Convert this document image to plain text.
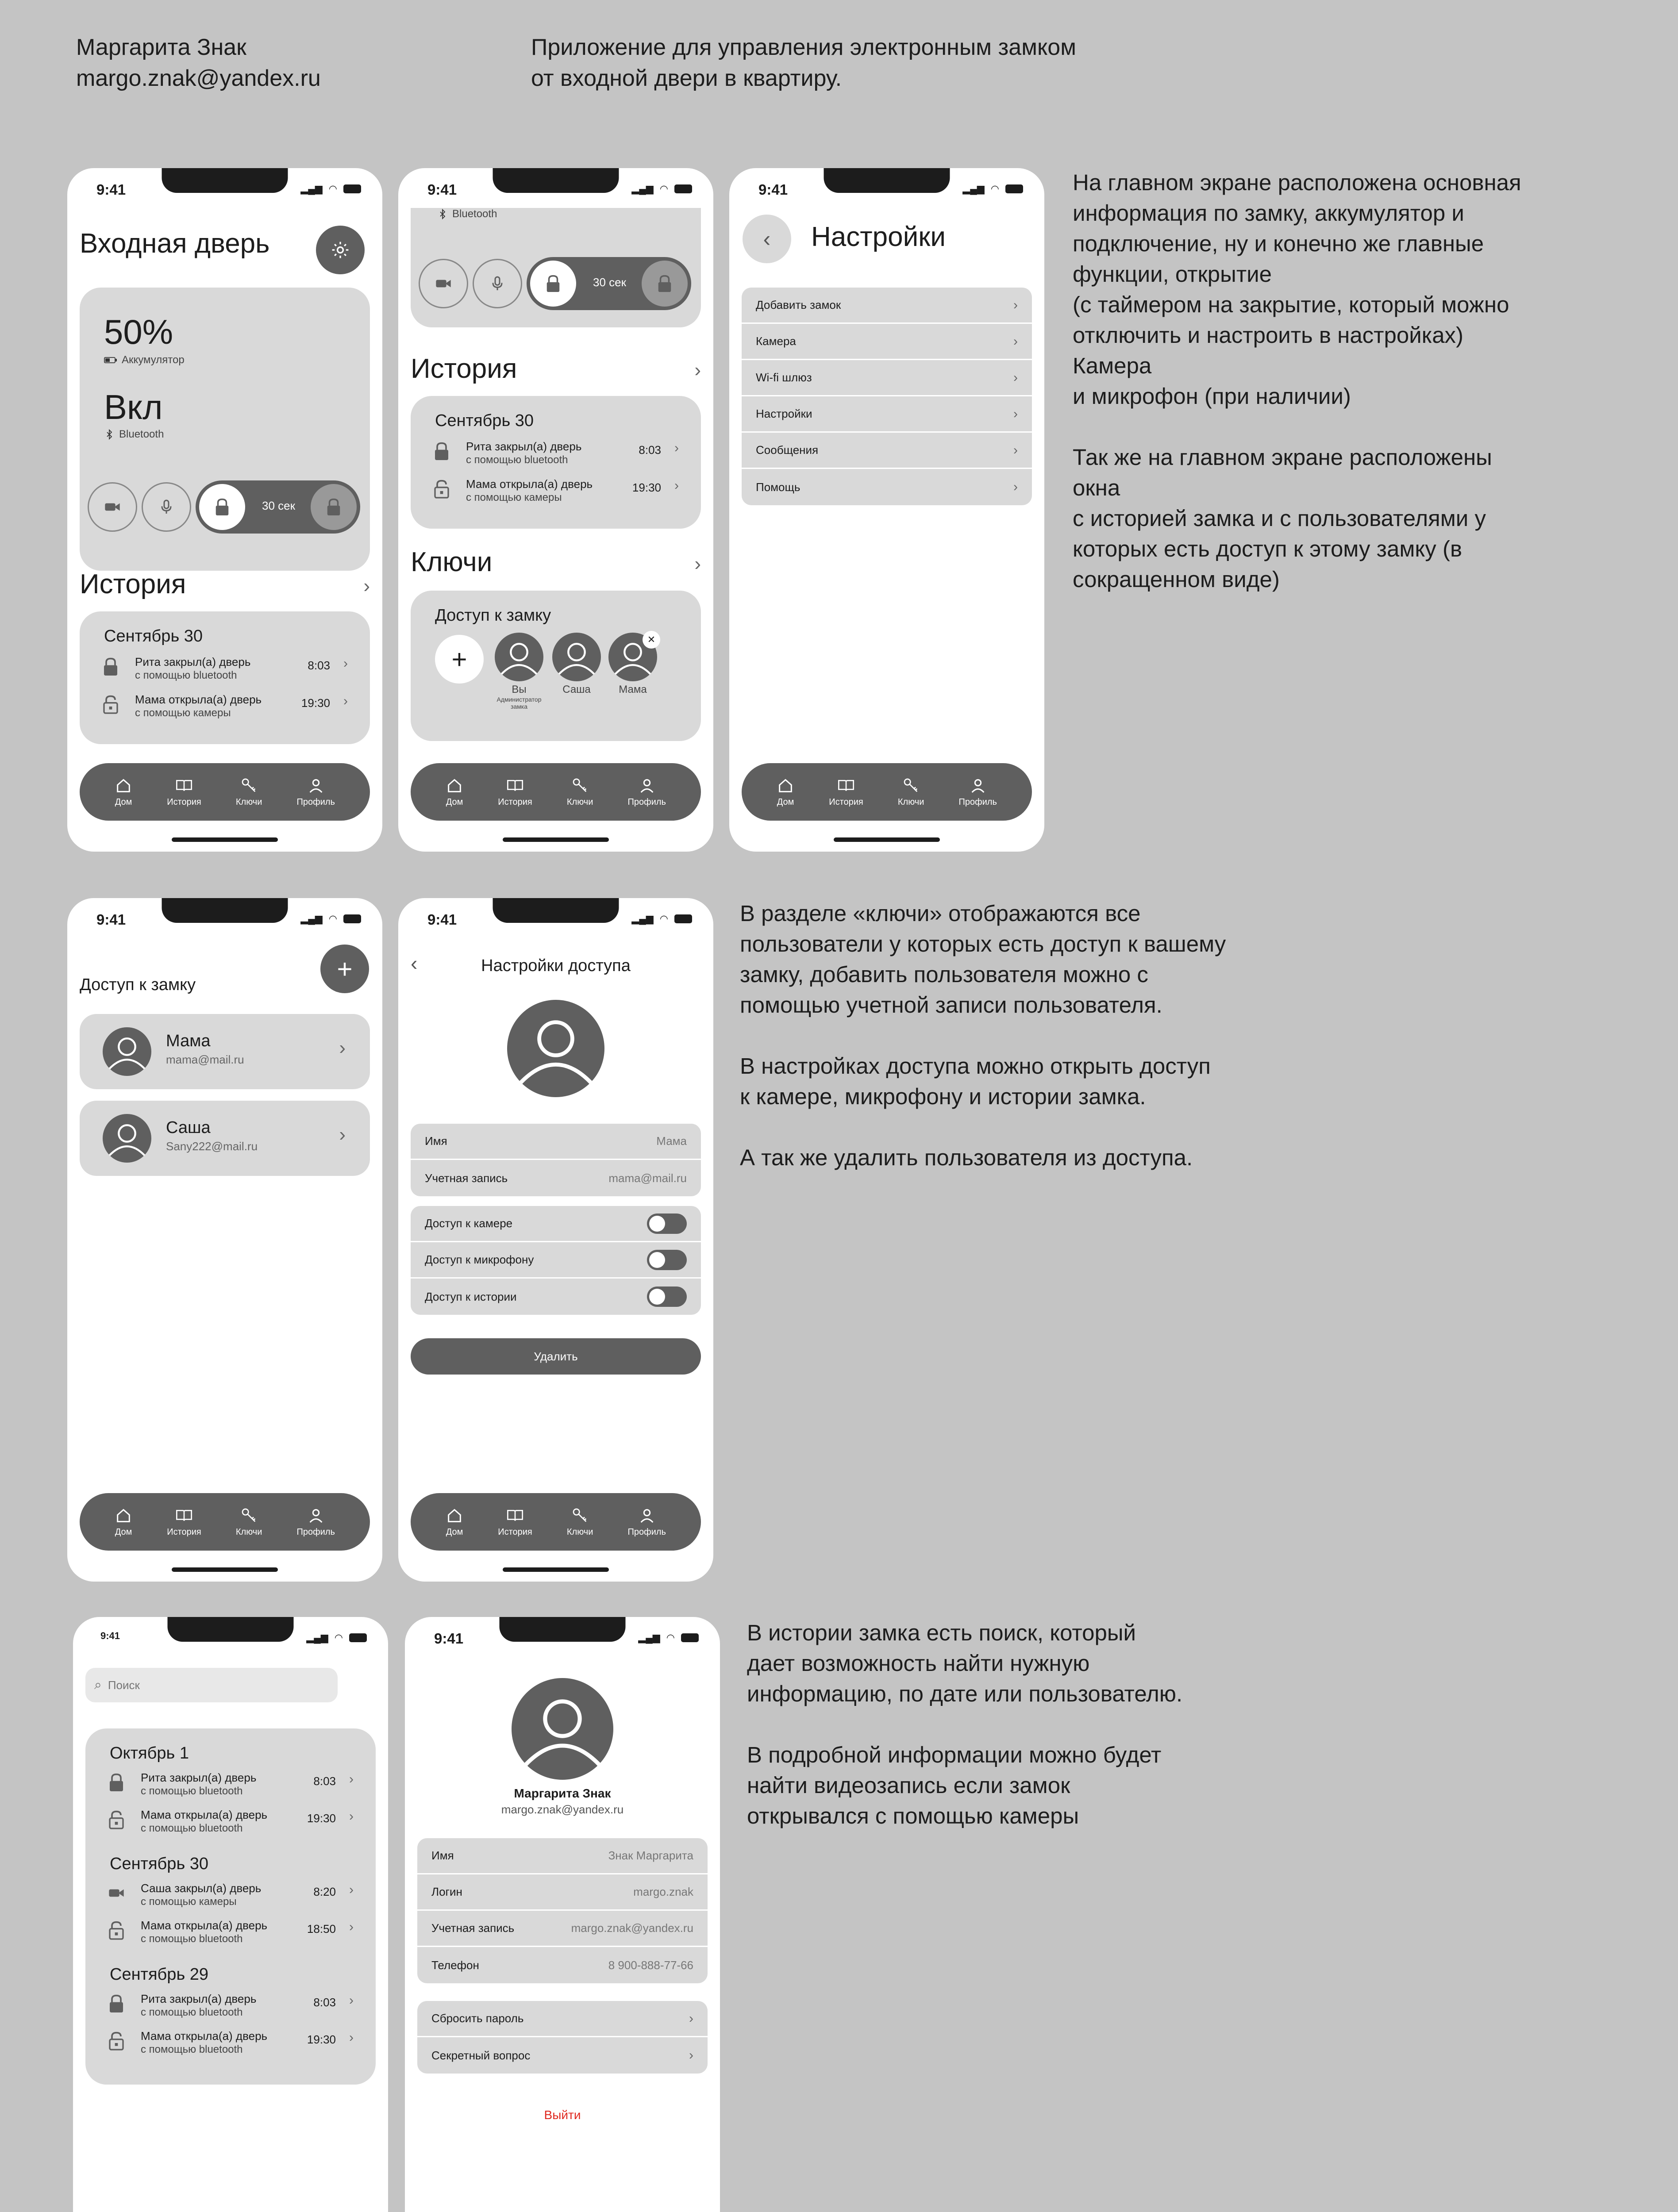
Маргарита Знак
margo.znak@yandex.ru
Приложение для управления электронным замком
от входной двери в квартиру.
На главном экране расположена основная
информация по замку, аккумулятор и
подключение, ну и конечно же главные
функции, открытие
(с таймером на закрытие, который можно
отключить и настроить в настройках)
Камера
и микрофон (при наличии)

Так же на главном экране расположены
окна
с историей замка и с пользователями у
которых есть доступ к этому замку (в
сокращенном виде)
В разделе «ключи» отображаются все
пользователи у которых есть доступ к вашему
замку, добавить пользователя можно с
помощью учетной записи пользователя.

В настройках доступа можно открыть доступ
к камере, микрофону и истории замка.

А так же удалить пользователя из доступа.
В истории замка есть поиск, который
дает возможность найти нужную
информацию, по дате или пользователю.

В подробной информации можно будет
найти видеозапись если замок
открывался с помощью камеры
9:41	▂▄▆ ◠
Входная дверь
50%
Аккумулятор
Вкл
Bluetooth
30 сек
История	›
Сентябрь 30
Рита закрыл(а) дверь
с помощью bluetooth
8:03 ›
Мама открыла(а) дверь
с помощью камеры
19:30 ›
Дом	История	Ключи	Профиль
9:41	▂▄▆ ◠
Bluetooth
30 сек
История	›
Сентябрь 30
Рита закрыл(а) дверь
с помощью bluetooth
8:03 ›
Мама открыла(а) дверь
с помощью камеры
19:30 ›
Ключи	›
Доступ к замку
+
Вы
Администратор замка
Саша	Мама
✕
Дом	История	Ключи	Профиль
9:41	▂▄▆ ◠
‹	Настройки
Добавить замок	›
Камера	›
Wi-fi шлюз	›
Настройки	›
Сообщения	›
Помощь	›
Дом	История	Ключи	Профиль
9:41	▂▄▆ ◠
+
Доступ к замку
Мама
mama@mail.ru
›
Саша
Sany222@mail.ru
›
Дом	История	Ключи	Профиль
9:41	▂▄▆ ◠
‹	Настройки доступа
Имя	Мама
Учетная запись	mama@mail.ru
Доступ к камере
Доступ к микрофону
Доступ к истории
Удалить
Дом	История	Ключи	Профиль
9:41	▂▄▆ ◠
⌕
Поиск
Октябрь 1
Рита закрыл(а) дверь
с помощью bluetooth
8:03 ›
Мама открыла(а) дверь
с помощью bluetooth
19:30 ›
Сентябрь 30
Саша закрыл(а) дверь
с помощью камеры
8:20 ›
Мама открыла(а) дверь
с помощью bluetooth
18:50 ›
Сентябрь 29
Рита закрыл(а) дверь
с помощью bluetooth
8:03 ›
Мама открыла(а) дверь
с помощью bluetooth
19:30 ›
9:41	▂▄▆ ◠
Маргарита Знак
margo.znak@yandex.ru
Имя	Знак Маргарита
Логин	margo.znak
Учетная запись	margo.znak@yandex.ru
Телефон	8 900-888-77-66
Сбросить пароль	›
Секретный вопрос	›
Выйти
